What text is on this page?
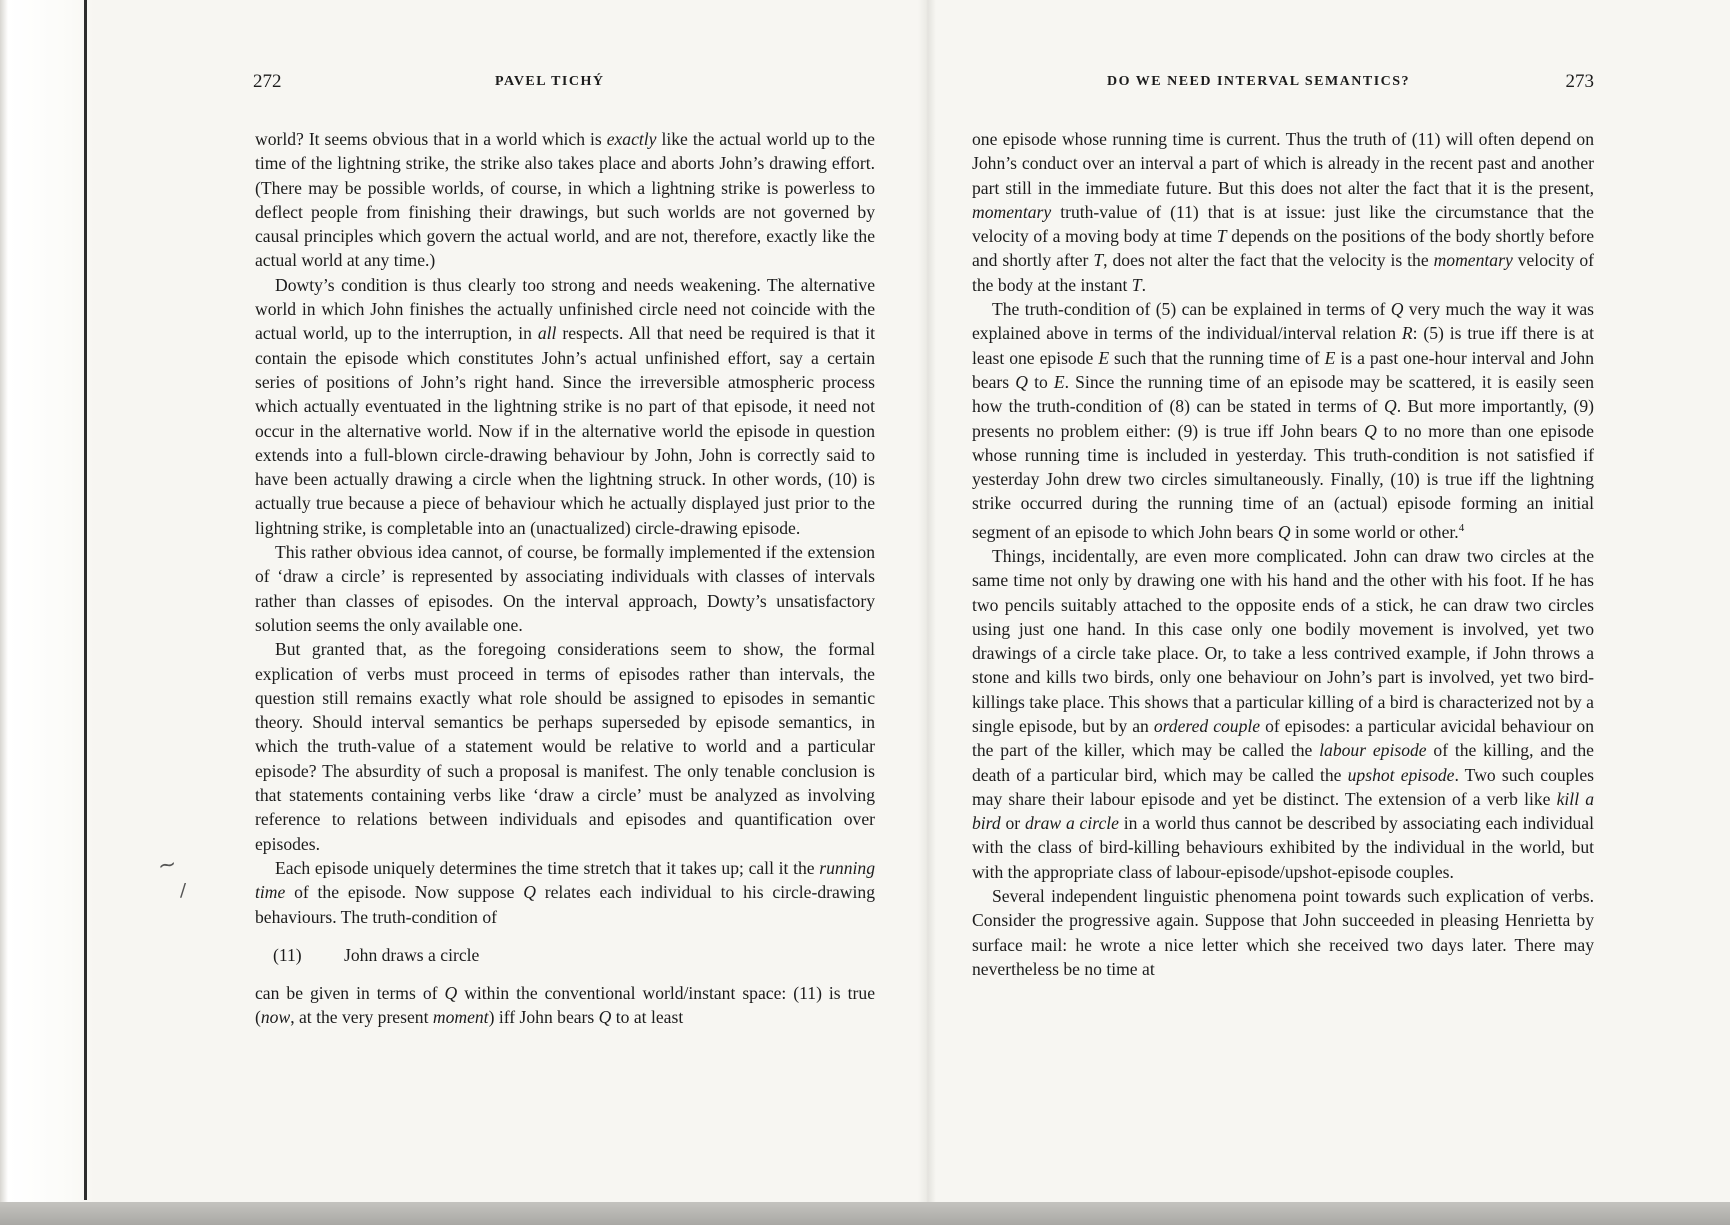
272	PAVEL TICHÝ

world? It seems obvious that in a world which is exactly like the actual world up to the time of the lightning strike, the strike also takes place and aborts John’s drawing effort. (There may be possible worlds, of course, in which a lightning strike is powerless to deflect people from finishing their drawings, but such worlds are not governed by causal principles which govern the actual world, and are not, therefore, exactly like the actual world at any time.)

Dowty’s condition is thus clearly too strong and needs weakening. The alternative world in which John finishes the actually unfinished circle need not coincide with the actual world, up to the interruption, in all respects. All that need be required is that it contain the episode which constitutes John’s actual unfinished effort, say a certain series of positions of John’s right hand. Since the irreversible atmospheric process which actually eventuated in the lightning strike is no part of that episode, it need not occur in the alternative world. Now if in the alternative world the episode in question extends into a full-blown circle-drawing behaviour by John, John is correctly said to have been actually drawing a circle when the lightning struck. In other words, (10) is actually true because a piece of behaviour which he actually displayed just prior to the lightning strike, is completable into an (unactualized) circle-drawing episode.

This rather obvious idea cannot, of course, be formally implemented if the extension of ‘draw a circle’ is represented by associating individuals with classes of intervals rather than classes of episodes. On the interval approach, Dowty’s unsatisfactory solution seems the only available one.

But granted that, as the foregoing considerations seem to show, the formal explication of verbs must proceed in terms of episodes rather than intervals, the question still remains exactly what role should be assigned to episodes in semantic theory. Should interval semantics be perhaps superseded by episode semantics, in which the truth-value of a statement would be relative to world and a particular episode? The absurdity of such a proposal is manifest. The only tenable conclusion is that statements containing verbs like ‘draw a circle’ must be analyzed as involving reference to relations between individuals and episodes and quantification over episodes.

Each episode uniquely determines the time stretch that it takes up; call it the running time of the episode. Now suppose Q relates each individual to his circle-drawing behaviours. The truth-condition of

(11) John draws a circle

can be given in terms of Q within the conventional world/instant space: (11) is true (now, at the very present moment) iff John bears Q to at least

DO WE NEED INTERVAL SEMANTICS?	273

one episode whose running time is current. Thus the truth of (11) will often depend on John’s conduct over an interval a part of which is already in the recent past and another part still in the immediate future. But this does not alter the fact that it is the present, momentary truth-value of (11) that is at issue: just like the circumstance that the velocity of a moving body at time T depends on the positions of the body shortly before and shortly after T, does not alter the fact that the velocity is the momentary velocity of the body at the instant T.

The truth-condition of (5) can be explained in terms of Q very much the way it was explained above in terms of the individual/interval relation R: (5) is true iff there is at least one episode E such that the running time of E is a past one-hour interval and John bears Q to E. Since the running time of an episode may be scattered, it is easily seen how the truth-condition of (8) can be stated in terms of Q. But more importantly, (9) presents no problem either: (9) is true iff John bears Q to no more than one episode whose running time is included in yesterday. This truth-condition is not satisfied if yesterday John drew two circles simultaneously. Finally, (10) is true iff the lightning strike occurred during the running time of an (actual) episode forming an initial segment of an episode to which John bears Q in some world or other.$^4$

Things, incidentally, are even more complicated. John can draw two circles at the same time not only by drawing one with his hand and the other with his foot. If he has two pencils suitably attached to the opposite ends of a stick, he can draw two circles using just one hand. In this case only one bodily movement is involved, yet two drawings of a circle take place. Or, to take a less contrived example, if John throws a stone and kills two birds, only one behaviour on John’s part is involved, yet two bird-killings take place. This shows that a particular killing of a bird is characterized not by a single episode, but by an ordered couple of episodes: a particular avicidal behaviour on the part of the killer, which may be called the labour episode of the killing, and the death of a particular bird, which may be called the upshot episode. Two such couples may share their labour episode and yet be distinct. The extension of a verb like kill a bird or draw a circle in a world thus cannot be described by associating each individual with the class of bird-killing behaviours exhibited by the individual in the world, but with the appropriate class of labour-episode/upshot-episode couples.

Several independent linguistic phenomena point towards such explication of verbs. Consider the progressive again. Suppose that John succeeded in pleasing Henrietta by surface mail: he wrote a nice letter which she received two days later. There may nevertheless be no time at

~
/
